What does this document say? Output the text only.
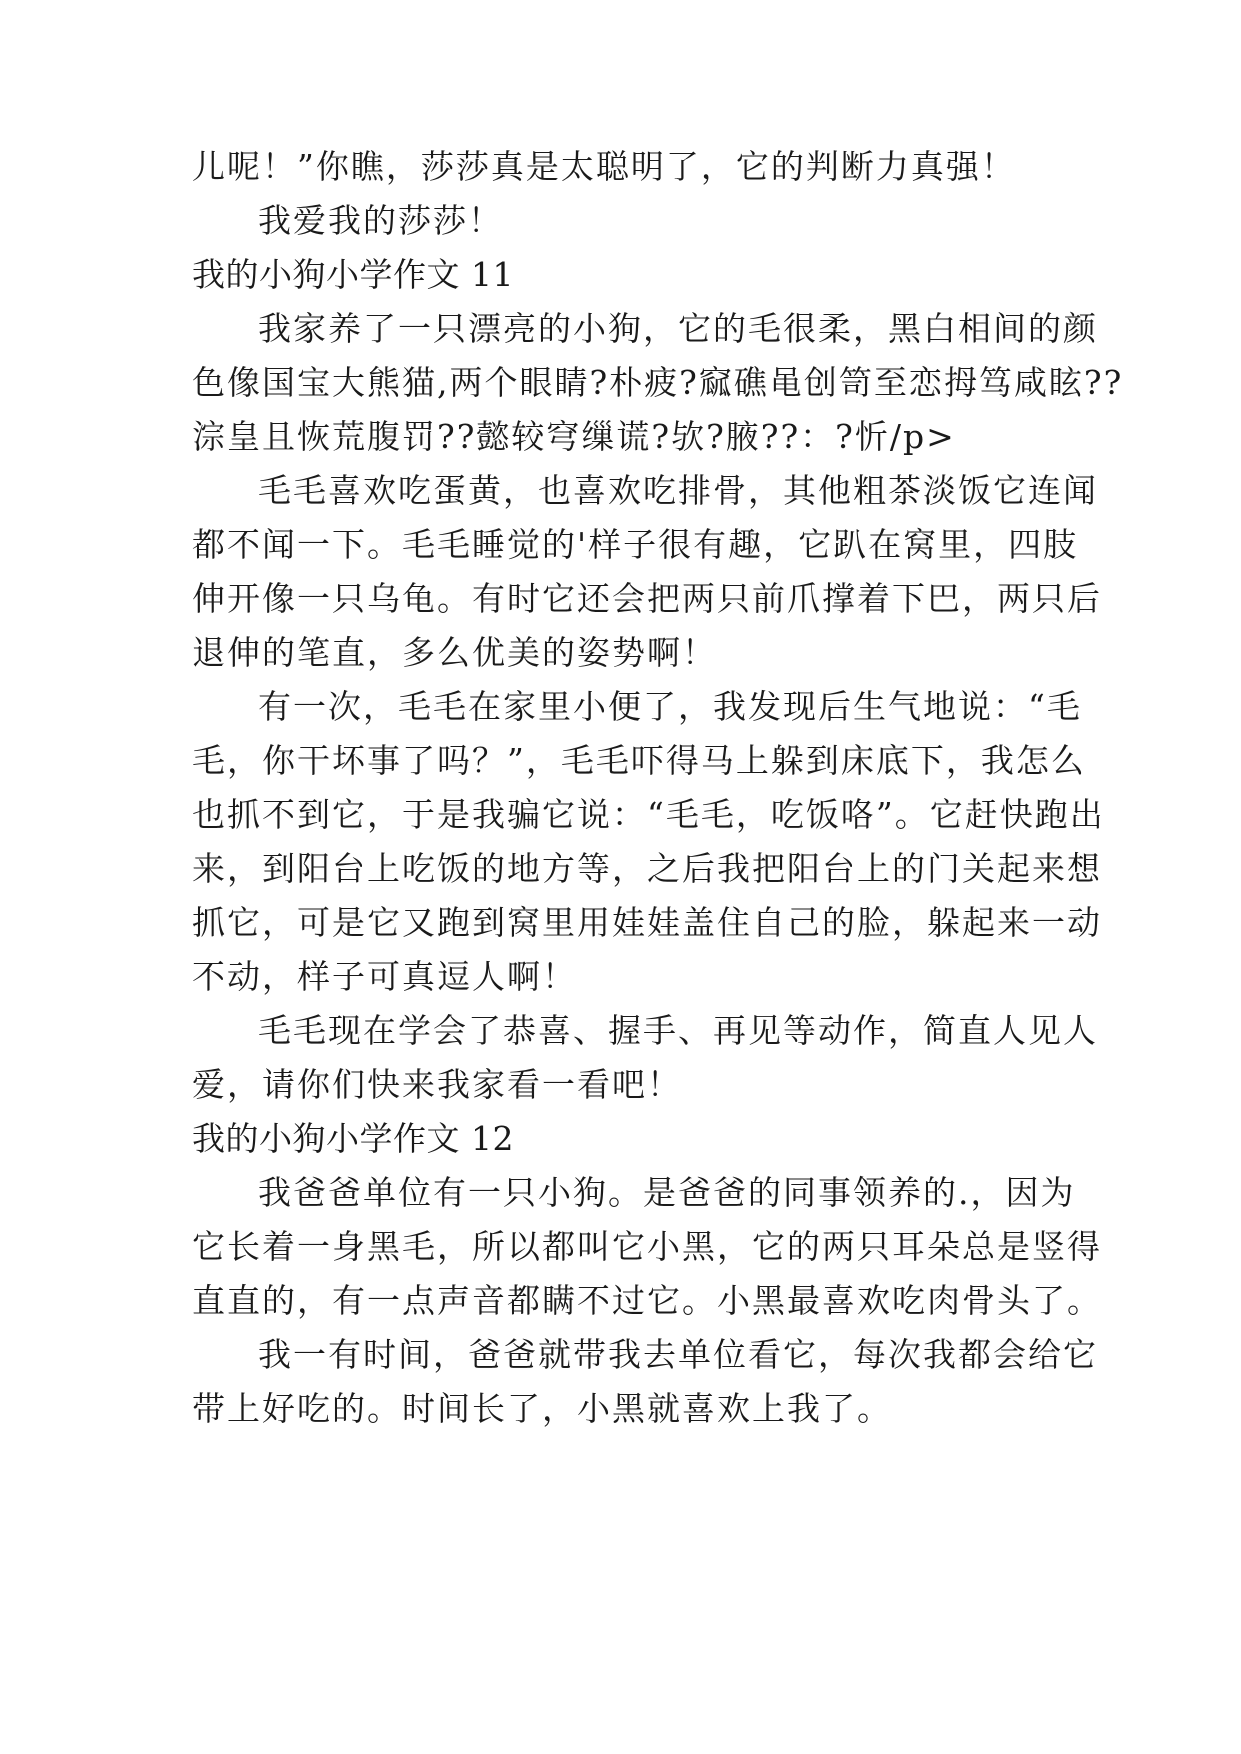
儿呢！”你瞧，莎莎真是太聪明了，它的判断力真强！
我爱我的莎莎！
我的小狗小学作文 11
我家养了一只漂亮的小狗，它的毛很柔，黑白相间的颜
色像国宝大熊猫,两个眼睛?朴疲?窳礁黾创笥至恋拇笃咸眩??
淙皇且恢荒腹罚??懿较穹缫谎?欤?腋??：?忻/p>
毛毛喜欢吃蛋黄，也喜欢吃排骨，其他粗茶淡饭它连闻
都不闻一下。毛毛睡觉的'样子很有趣，它趴在窝里，四肢
伸开像一只乌龟。有时它还会把两只前爪撑着下巴，两只后
退伸的笔直，多么优美的姿势啊！
有一次，毛毛在家里小便了，我发现后生气地说：“毛
毛，你干坏事了吗？”，毛毛吓得马上躲到床底下，我怎么
也抓不到它，于是我骗它说：“毛毛，吃饭咯”。它赶快跑出
来，到阳台上吃饭的地方等，之后我把阳台上的门关起来想
抓它，可是它又跑到窝里用娃娃盖住自己的脸，躲起来一动
不动，样子可真逗人啊！
毛毛现在学会了恭喜、握手、再见等动作，简直人见人
爱，请你们快来我家看一看吧！
我的小狗小学作文 12
我爸爸单位有一只小狗。是爸爸的同事领养的.，因为
它长着一身黑毛，所以都叫它小黑，它的两只耳朵总是竖得
直直的，有一点声音都瞒不过它。小黑最喜欢吃肉骨头了。
我一有时间，爸爸就带我去单位看它，每次我都会给它
带上好吃的。时间长了，小黑就喜欢上我了。
